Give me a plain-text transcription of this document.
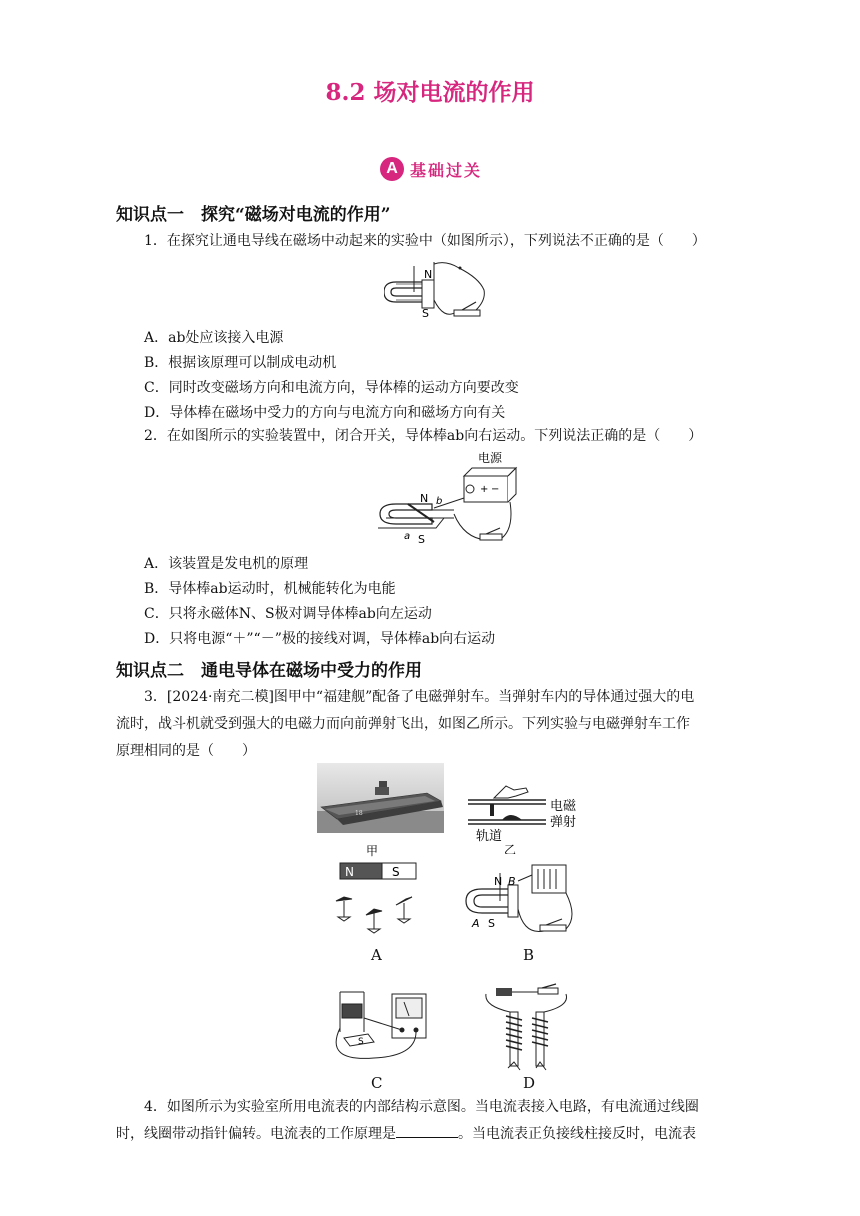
8.2 场对电流的作用
A 基础过关
知识点一　探究“磁场对电流的作用”
1．在探究让通电导线在磁场中动起来的实验中（如图所示），下列说法不正确的是（　　）
N
S
A．ab处应该接入电源
B．根据该原理可以制成电动机
C．同时改变磁场方向和电流方向，导体棒的运动方向要改变
D．导体棒在磁场中受力的方向与电流方向和磁场方向有关
2．在如图所示的实验装置中，闭合开关，导体棒ab向右运动。下列说法正确的是（　　）
电源
+ −
N b
a S
A．该装置是发电机的原理
B．导体棒ab运动时，机械能转化为电能
C．只将永磁体N、S极对调导体棒ab向左运动
D．只将电源“＋”“－”极的接线对调，导体棒ab向右运动
知识点二　通电导体在磁场中受力的作用
3．[2024·南充二模]图甲中“福建舰”配备了电磁弹射车。当弹射车内的导体通过强大的电
流时，战斗机就受到强大的电磁力而向前弹射飞出，如图乙所示。下列实验与电磁弹射车工作
原理相同的是（　　）
18	电磁
弹射
轨道
乙
甲
N	S
A
N B
A S
B
S
C	D
4．如图所示为实验室所用电流表的内部结构示意图。当电流表接入电路，有电流通过线圈
时，线圈带动指针偏转。电流表的工作原理是	。当电流表正负接线柱接反时，电流表
